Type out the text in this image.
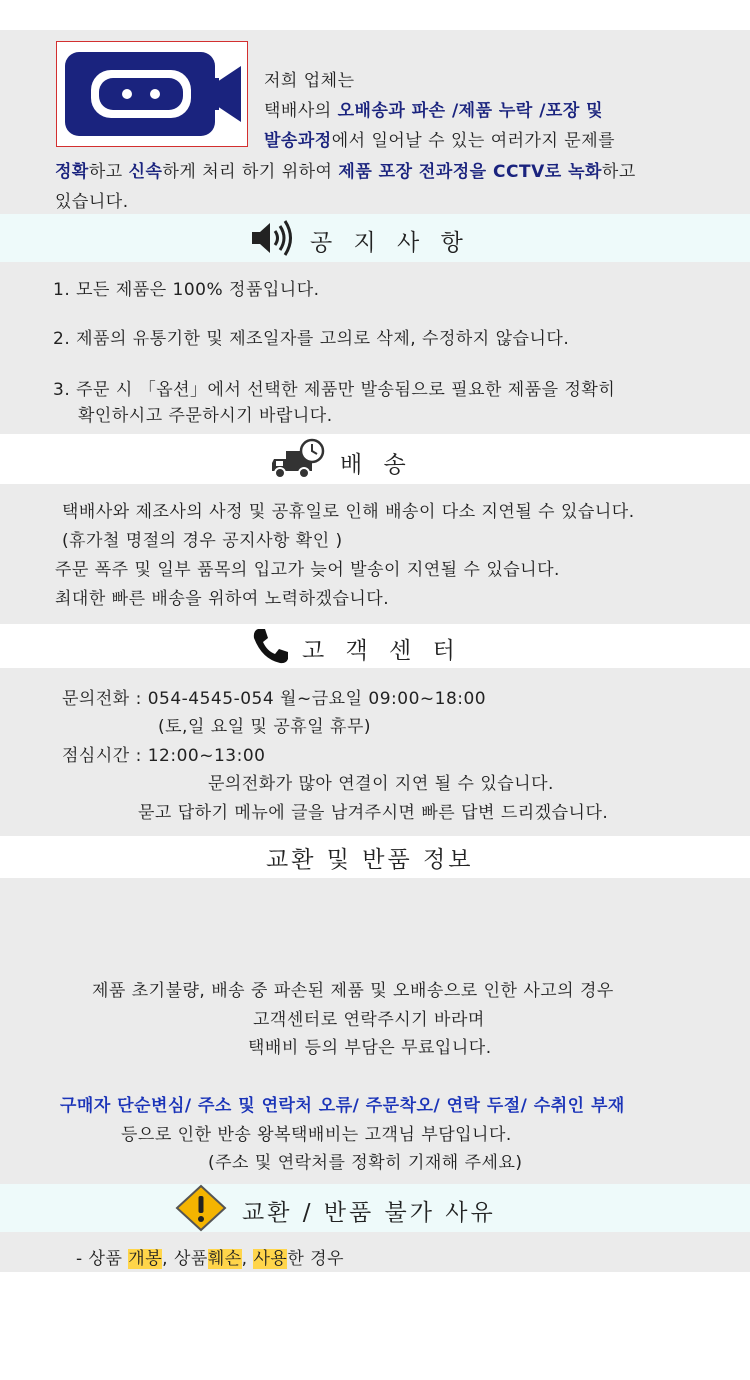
저희 업체는
택배사의 오배송과 파손 /제품 누락 /포장 및
발송과정에서 일어날 수 있는 여러가지 문제를
정확하고 신속하게 처리 하기 위하여 제품 포장 전과정을 CCTV로 녹화하고
있습니다.
공 지 사 항
1. 모든 제품은 100% 정품입니다.
2. 제품의 유통기한 및 제조일자를 고의로 삭제, 수정하지 않습니다.
3. 주문 시 「옵션」에서 선택한 제품만 발송됨으로 필요한 제품을 정확히
확인하시고 주문하시기 바랍니다.
배 송
택배사와 제조사의 사정 및 공휴일로 인해 배송이 다소 지연될 수 있습니다.
(휴가철 명절의 경우 공지사항 확인 )
주문 폭주 및 일부 품목의 입고가 늦어 발송이 지연될 수 있습니다.
최대한 빠른 배송을 위하여 노력하겠습니다.
고 객 센 터
문의전화 : 054-4545-054 월~금요일 09:00~18:00
(토,일 요일 및 공휴일 휴무)
점심시간 : 12:00~13:00
문의전화가 많아 연결이 지연 될 수 있습니다.
묻고 답하기 메뉴에 글을 남겨주시면 빠른 답변 드리겠습니다.
교환 및 반품 정보
제품 초기불량, 배송 중 파손된 제품 및 오배송으로 인한 사고의 경우
고객센터로 연락주시기 바라며
택배비 등의 부담은 무료입니다.
구매자 단순변심/ 주소 및 연락처 오류/ 주문착오/ 연락 두절/ 수취인 부재
등으로 인한 반송 왕복택배비는 고객님 부담입니다.
(주소 및 연락처를 정확히 기재해 주세요)
교환 / 반품 불가 사유
- 상품 개봉, 상품훼손, 사용한 경우
